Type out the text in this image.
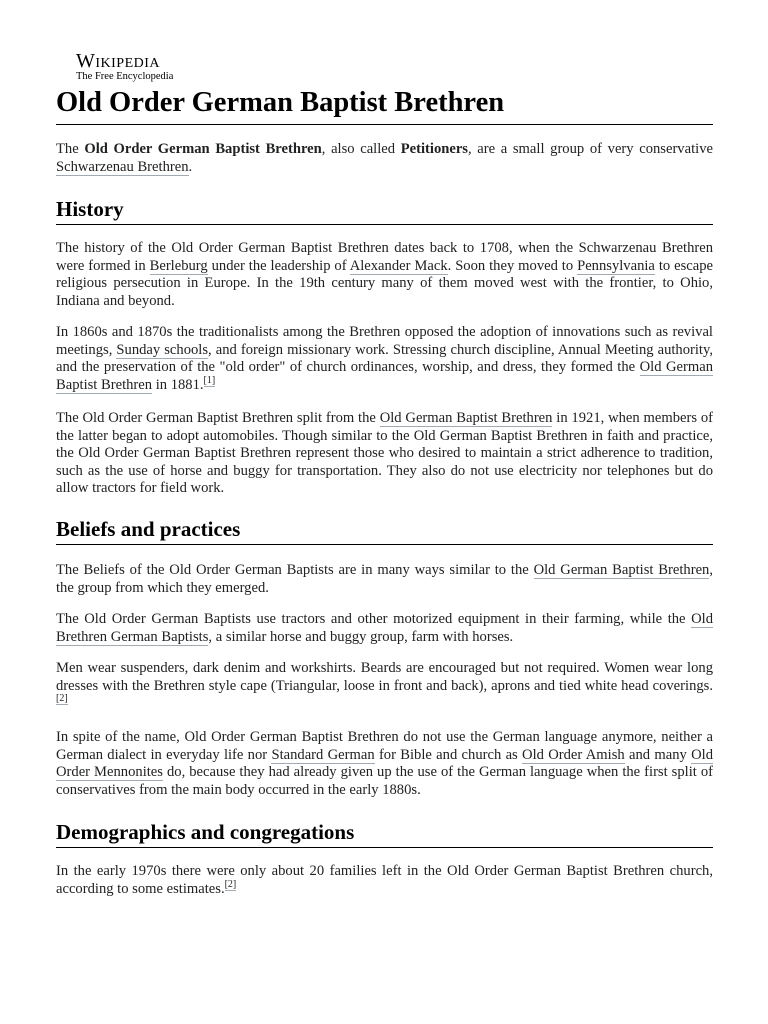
Wikipedia
The Free Encyclopedia
Old Order German Baptist Brethren

The Old Order German Baptist Brethren, also called Petitioners, are a small group of very conservative Schwarzenau Brethren.

History

The history of the Old Order German Baptist Brethren dates back to 1708, when the Schwarzenau Brethren were formed in Berleburg under the leadership of Alexander Mack. Soon they moved to Pennsylvania to escape religious persecution in Europe. In the 19th century many of them moved west with the frontier, to Ohio, Indiana and beyond.

In 1860s and 1870s the traditionalists among the Brethren opposed the adoption of innovations such as revival meetings, Sunday schools, and foreign missionary work. Stressing church discipline, Annual Meeting authority, and the preservation of the "old order" of church ordinances, worship, and dress, they formed the Old German Baptist Brethren in 1881.[1]

The Old Order German Baptist Brethren split from the Old German Baptist Brethren in 1921, when members of the latter began to adopt automobiles. Though similar to the Old German Baptist Brethren in faith and practice, the Old Order German Baptist Brethren represent those who desired to maintain a strict adherence to tradition, such as the use of horse and buggy for transportation. They also do not use electricity nor telephones but do allow tractors for field work.

Beliefs and practices

The Beliefs of the Old Order German Baptists are in many ways similar to the Old German Baptist Brethren, the group from which they emerged.

The Old Order German Baptists use tractors and other motorized equipment in their farming, while the Old Brethren German Baptists, a similar horse and buggy group, farm with horses.

Men wear suspenders, dark denim and workshirts. Beards are encouraged but not required. Women wear long dresses with the Brethren style cape (Triangular, loose in front and back), aprons and tied white head coverings.[2]

In spite of the name, Old Order German Baptist Brethren do not use the German language anymore, neither a German dialect in everyday life nor Standard German for Bible and church as Old Order Amish and many Old Order Mennonites do, because they had already given up the use of the German language when the first split of conservatives from the main body occurred in the early 1880s.

Demographics and congregations

In the early 1970s there were only about 20 families left in the Old Order German Baptist Brethren church, according to some estimates.[2]
